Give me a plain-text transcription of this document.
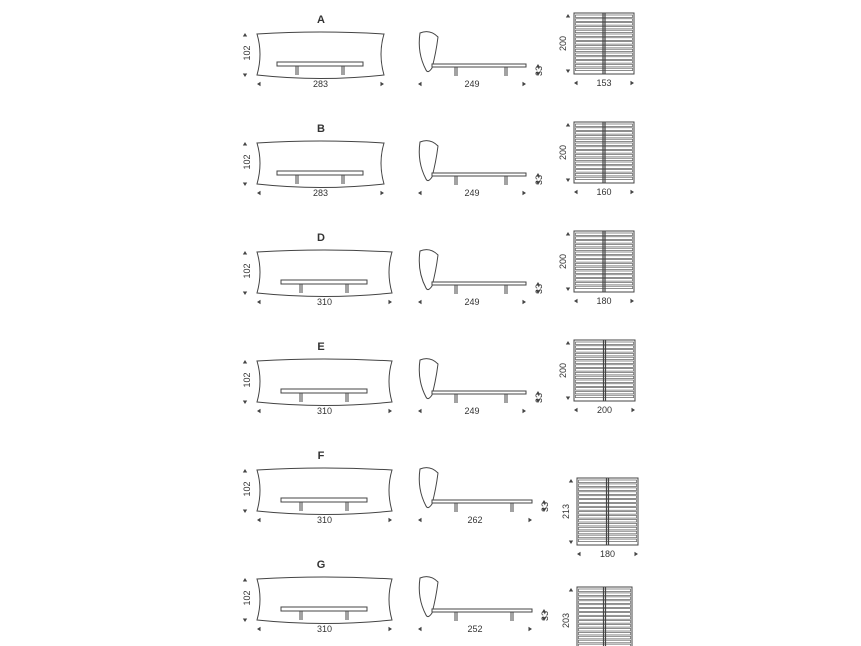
A
102
283	249
33
200
153
B
102
283	249
33
200
160
D
102
310	249
33
200
180
E
102
310	249
33
200
200
F
102
310	262
33 213
180
G
102
310	252
33 203
